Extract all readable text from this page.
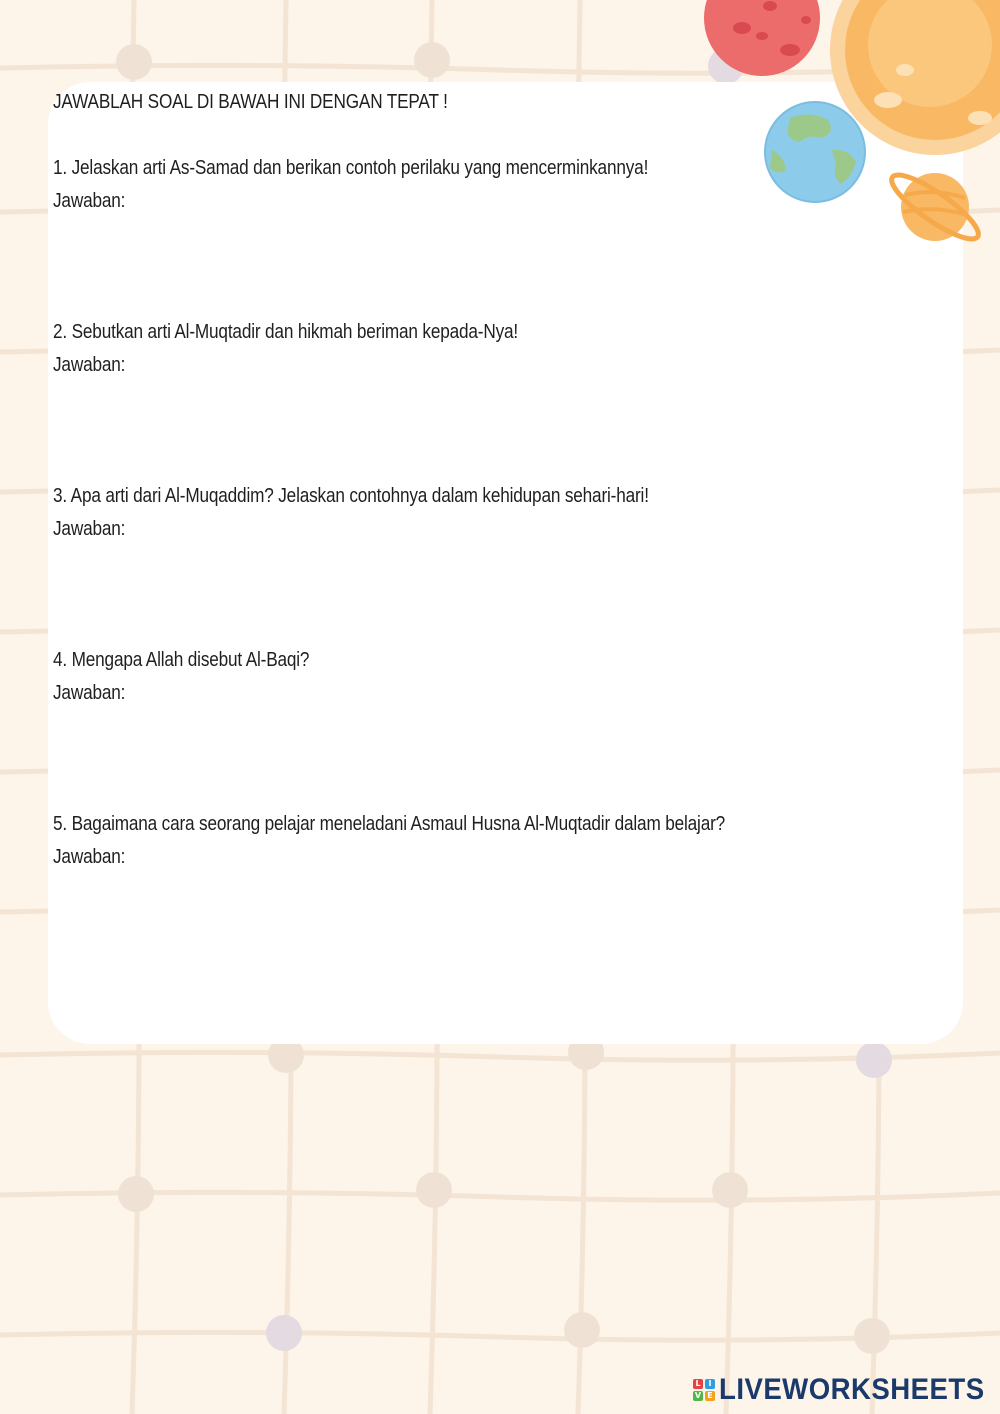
JAWABLAH SOAL DI BAWAH INI DENGAN TEPAT !

1. Jelaskan arti As-Samad dan berikan contoh perilaku yang mencerminkannya!

Jawaban:

2. Sebutkan arti Al-Muqtadir dan hikmah beriman kepada-Nya!

Jawaban:

3. Apa arti dari Al-Muqaddim? Jelaskan contohnya dalam kehidupan sehari-hari!

Jawaban:

4. Mengapa Allah disebut Al-Baqi?

Jawaban:

5. Bagaimana cara seorang pelajar meneladani Asmaul Husna Al-Muqtadir dalam belajar?

Jawaban:

L I
V E LIVEWORKSHEETS
